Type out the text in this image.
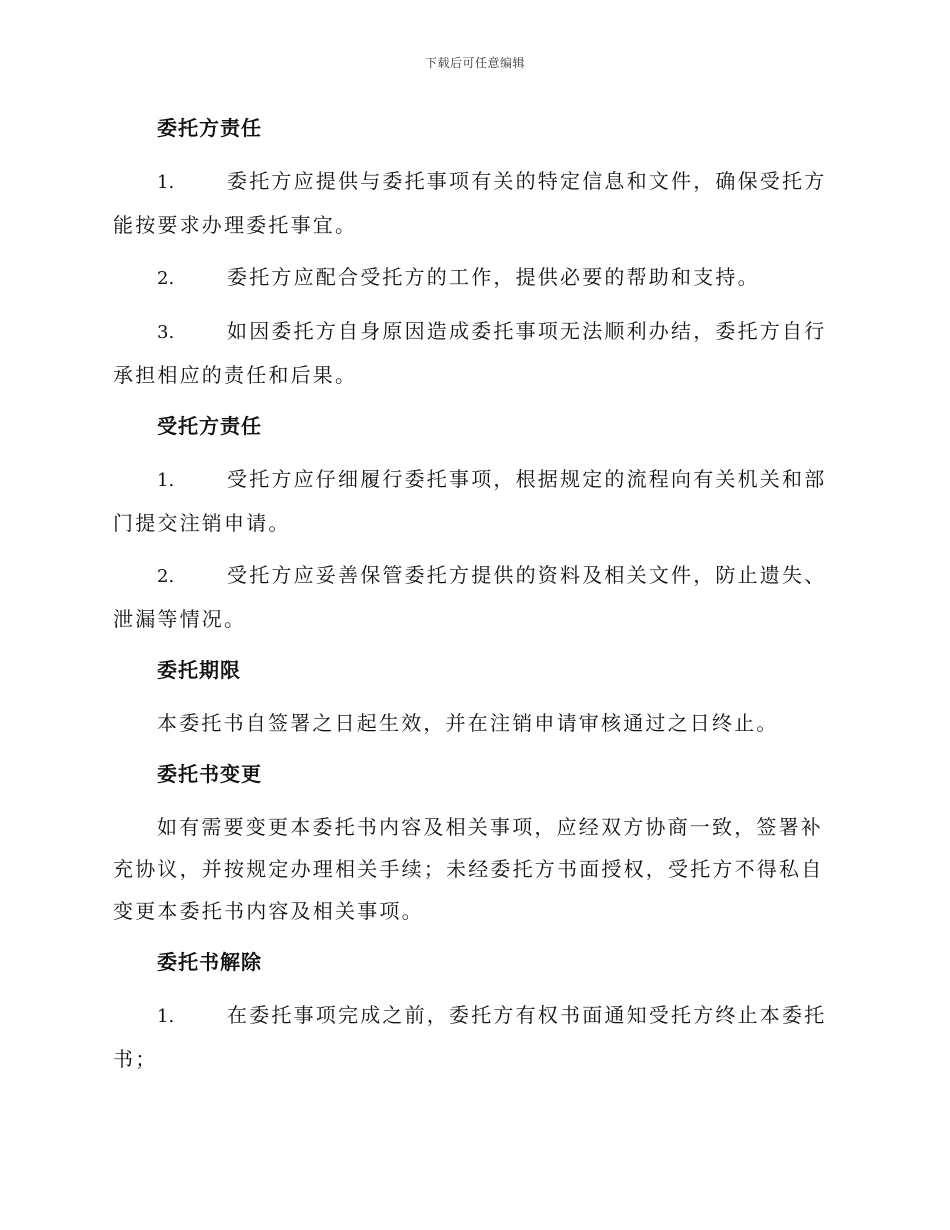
下载后可任意编辑
委托方责任
1.	委托方应提供与委托事项有关的特定信息和文件，确保受托方能按要求办理委托事宜。
2.	委托方应配合受托方的工作，提供必要的帮助和支持。
3.	如因委托方自身原因造成委托事项无法顺利办结，委托方自行承担相应的责任和后果。
受托方责任
1.	受托方应仔细履行委托事项，根据规定的流程向有关机关和部门提交注销申请。
2.	受托方应妥善保管委托方提供的资料及相关文件，防止遗失、泄漏等情况。
委托期限
本委托书自签署之日起生效，并在注销申请审核通过之日终止。
委托书变更
如有需要变更本委托书内容及相关事项，应经双方协商一致，签署补充协议，并按规定办理相关手续；未经委托方书面授权，受托方不得私自变更本委托书内容及相关事项。
委托书解除
1.	在委托事项完成之前，委托方有权书面通知受托方终止本委托书；
